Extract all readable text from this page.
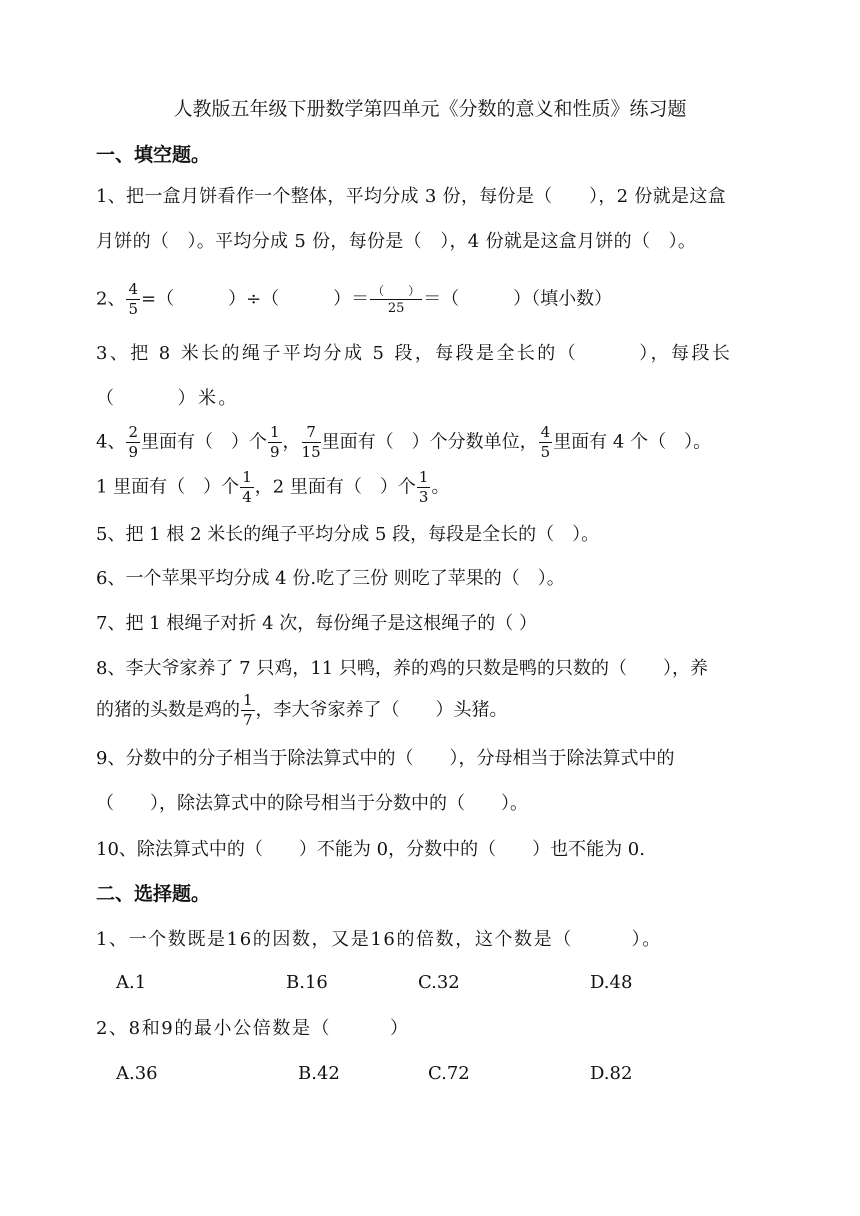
人教版五年级下册数学第四单元《分数的意义和性质》练习题
一、填空题。
1、把一盒月饼看作一个整体，平均分成 3 份，每份是（　　），2 份就是这盒
月饼的（　）。平均分成 5 份，每份是（　），4 份就是这盒月饼的（　）。
2、 $\frac{4}{5}$ =（　　　）÷（　　　）＝ $\frac{( )}{25}$ ＝（　　　）（填小数）
3、把 8 米长的绳子平均分成 5 段，每段是全长的（　　　），每段长
（　　　）米。
4、 $\frac{2}{9}$ 里面有（　）个 $\frac{1}{9}$ ， $\frac{7}{15}$ 里面有（　）个分数单位， $\frac{4}{5}$ 里面有 4 个（　）。
1 里面有（　）个 $\frac{1}{4}$ ，2 里面有（　）个 $\frac{1}{3}$ 。
5、把 1 根 2 米长的绳子平均分成 5 段，每段是全长的（　）。
6、一个苹果平均分成 4 份.吃了三份 则吃了苹果的（　）。
7、把 1 根绳子对折 4 次，每份绳子是这根绳子的（ ）
8、李大爷家养了 7 只鸡，11 只鸭，养的鸡的只数是鸭的只数的（　　），养
的猪的头数是鸡的 $\frac{1}{7}$ ，李大爷家养了（　　）头猪。
9、分数中的分子相当于除法算式中的（　　），分母相当于除法算式中的
（　　），除法算式中的除号相当于分数中的（　　）。
10、除法算式中的（　　）不能为 0，分数中的（　　）也不能为 0.
二、选择题。
1、一个数既是16的因数，又是16的倍数，这个数是（　　　）。
A.1	B.16	C.32	D.48
2、8和9的最小公倍数是（　　　）
A.36	B.42	C.72	D.82
